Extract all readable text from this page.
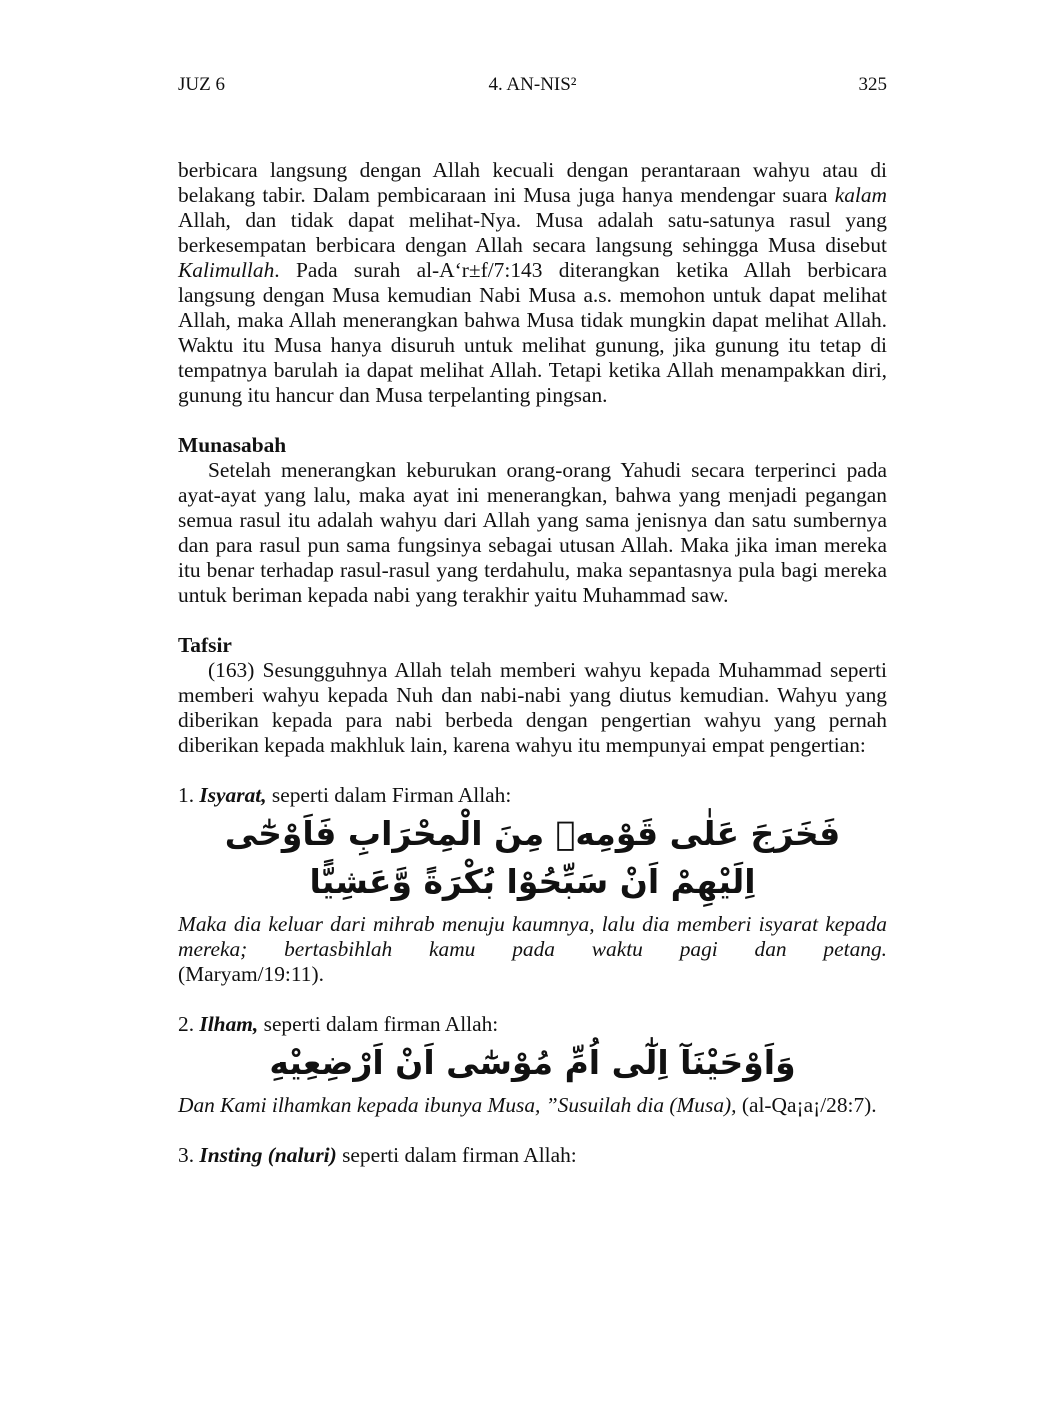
JUZ 6	4. AN-NIS²	325

berbicara langsung dengan Allah kecuali dengan perantaraan wahyu atau di belakang tabir. Dalam pembicaraan ini Musa juga hanya mendengar suara kalam Allah, dan tidak dapat melihat-Nya. Musa adalah satu-satunya rasul yang berkesempatan berbicara dengan Allah secara langsung sehingga Musa disebut Kalimullah. Pada surah al-A‘r±f/7:143 diterangkan ketika Allah berbicara langsung dengan Musa kemudian Nabi Musa a.s. memohon untuk dapat melihat Allah, maka Allah menerangkan bahwa Musa tidak mungkin dapat melihat Allah. Waktu itu Musa hanya disuruh untuk melihat gunung, jika gunung itu tetap di tempatnya barulah ia dapat melihat Allah. Tetapi ketika Allah menampakkan diri, gunung itu hancur dan Musa terpelanting pingsan.

Munasabah

Setelah menerangkan keburukan orang-orang Yahudi secara terperinci pada ayat-ayat yang lalu, maka ayat ini menerangkan, bahwa yang menjadi pegangan semua rasul itu adalah wahyu dari Allah yang sama jenisnya dan satu sumbernya dan para rasul pun sama fungsinya sebagai utusan Allah. Maka jika iman mereka itu benar terhadap rasul-rasul yang terdahulu, maka sepantasnya pula bagi mereka untuk beriman kepada nabi yang terakhir yaitu Muhammad saw.

Tafsir

(163) Sesungguhnya Allah telah memberi wahyu kepada Muhammad seperti memberi wahyu kepada Nuh dan nabi-nabi yang diutus kemudian. Wahyu yang diberikan kepada para nabi berbeda dengan pengertian wahyu yang pernah diberikan kepada makhluk lain, karena wahyu itu mempunyai empat pengertian:

1. Isyarat, seperti dalam Firman Allah:

فَخَرَجَ عَلٰى قَوْمِهٖ مِنَ الْمِحْرَابِ فَاَوْحٰٓى اِلَيْهِمْ اَنْ سَبِّحُوْا بُكْرَةً وَّعَشِيًّا

Maka dia keluar dari mihrab menuju kaumnya, lalu dia memberi isyarat kepada mereka; bertasbihlah kamu pada waktu pagi dan petang.

(Maryam/19:11).

2. Ilham, seperti dalam firman Allah:

وَاَوْحَيْنَآ اِلٰٓى اُمِّ مُوْسٰٓى اَنْ اَرْضِعِيْهِ

Dan Kami ilhamkan kepada ibunya Musa, ”Susuilah dia (Musa), (al-Qa¡a¡/28:7).

3. Insting (naluri) seperti dalam firman Allah:
